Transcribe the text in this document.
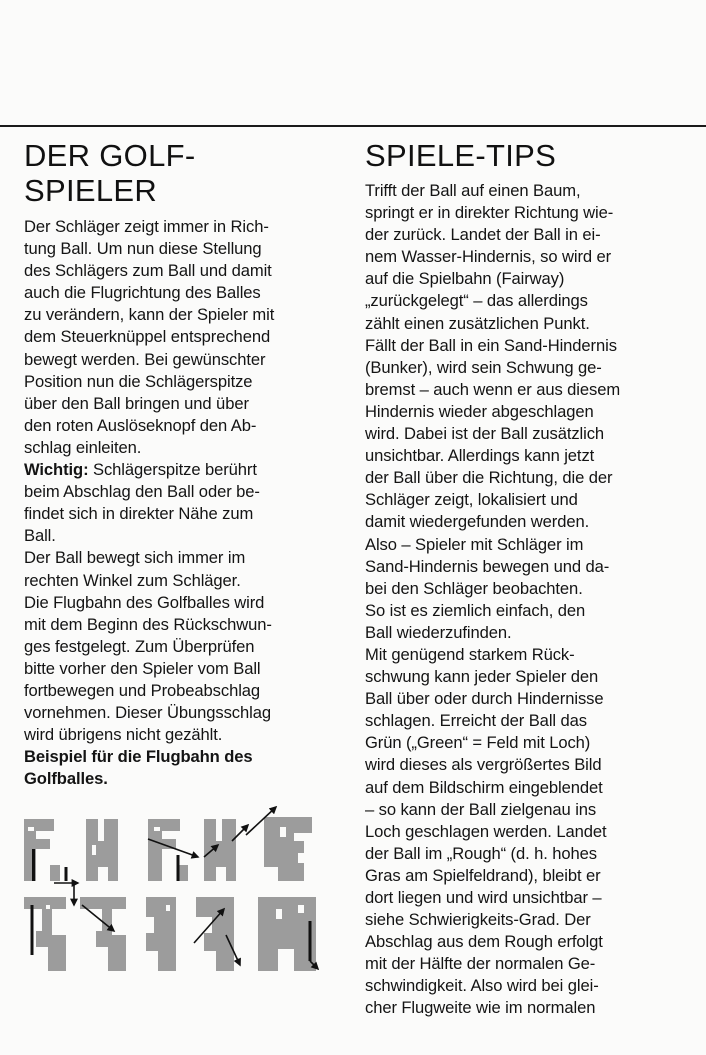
DER GOLF-
SPIELER
Der Schläger zeigt immer in Rich-
tung Ball. Um nun diese Stellung
des Schlägers zum Ball und damit
auch die Flugrichtung des Balles
zu verändern, kann der Spieler mit
dem Steuerknüppel entsprechend
bewegt werden. Bei gewünschter
Position nun die Schlägerspitze
über den Ball bringen und über
den roten Auslöseknopf den Ab-
schlag einleiten.
Wichtig: Schlägerspitze berührt
beim Abschlag den Ball oder be-
findet sich in direkter Nähe zum
Ball.
Der Ball bewegt sich immer im
rechten Winkel zum Schläger.
Die Flugbahn des Golfballes wird
mit dem Beginn des Rückschwun-
ges festgelegt. Zum Überprüfen
bitte vorher den Spieler vom Ball
fortbewegen und Probeabschlag
vornehmen. Dieser Übungsschlag
wird übrigens nicht gezählt.
Beispiel für die Flugbahn des
Golfballes.
SPIELE-TIPS
Trifft der Ball auf einen Baum,
springt er in direkter Richtung wie-
der zurück. Landet der Ball in ei-
nem Wasser-Hindernis, so wird er
auf die Spielbahn (Fairway)
„zurückgelegt“ – das allerdings
zählt einen zusätzlichen Punkt.
Fällt der Ball in ein Sand-Hindernis
(Bunker), wird sein Schwung ge-
bremst – auch wenn er aus diesem
Hindernis wieder abgeschlagen
wird. Dabei ist der Ball zusätzlich
unsichtbar. Allerdings kann jetzt
der Ball über die Richtung, die der
Schläger zeigt, lokalisiert und
damit wiedergefunden werden.
Also – Spieler mit Schläger im
Sand-Hindernis bewegen und da-
bei den Schläger beobachten.
So ist es ziemlich einfach, den
Ball wiederzufinden.
Mit genügend starkem Rück-
schwung kann jeder Spieler den
Ball über oder durch Hindernisse
schlagen. Erreicht der Ball das
Grün („Green“ = Feld mit Loch)
wird dieses als vergrößertes Bild
auf dem Bildschirm eingeblendet
– so kann der Ball zielgenau ins
Loch geschlagen werden. Landet
der Ball im „Rough“ (d. h. hohes
Gras am Spielfeldrand), bleibt er
dort liegen und wird unsichtbar –
siehe Schwierigkeits-Grad. Der
Abschlag aus dem Rough erfolgt
mit der Hälfte der normalen Ge-
schwindigkeit. Also wird bei glei-
cher Flugweite wie im normalen
